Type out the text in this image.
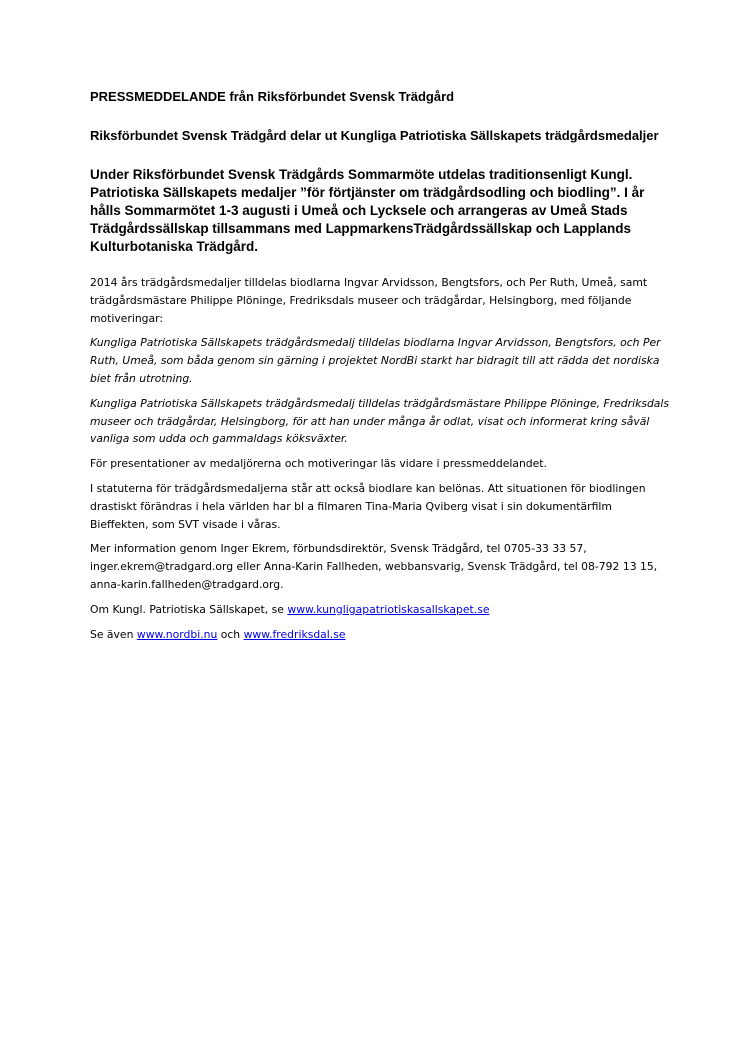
PRESSMEDDELANDE från Riksförbundet Svensk Trädgård
Riksförbundet Svensk Trädgård delar ut Kungliga Patriotiska Sällskapets trädgårdsmedaljer
Under Riksförbundet Svensk Trädgårds Sommarmöte utdelas traditionsenligt Kungl. Patriotiska Sällskapets medaljer ”för förtjänster om trädgårdsodling och biodling”. I år hålls Sommarmötet 1-3 augusti i Umeå och Lycksele och arrangeras av Umeå Stads Trädgårdssällskap tillsammans med LappmarkensTrädgårdssällskap och Lapplands Kulturbotaniska Trädgård.
2014 års trädgårdsmedaljer tilldelas biodlarna Ingvar Arvidsson, Bengtsfors, och Per Ruth, Umeå, samt trädgårdsmästare Philippe Plöninge, Fredriksdals museer och trädgårdar, Helsingborg, med följande motiveringar:
Kungliga Patriotiska Sällskapets trädgårdsmedalj tilldelas biodlarna Ingvar Arvidsson, Bengtsfors, och Per Ruth, Umeå, som båda genom sin gärning i projektet NordBi starkt har bidragit till att rädda det nordiska biet från utrotning.
Kungliga Patriotiska Sällskapets trädgårdsmedalj tilldelas trädgårdsmästare Philippe Plöninge, Fredriksdals museer och trädgårdar, Helsingborg, för att han under många år odlat, visat och informerat kring såväl vanliga som udda och gammaldags köksväxter.
För presentationer av medaljörerna och motiveringar läs vidare i pressmeddelandet.
I statuterna för trädgårdsmedaljerna står att också biodlare kan belönas. Att situationen för biodlingen drastiskt förändras i hela världen har bl a filmaren Tina-Maria Qviberg visat i sin dokumentärfilm Bieffekten, som SVT visade i våras.
Mer information genom Inger Ekrem, förbundsdirektör, Svensk Trädgård, tel 0705-33 33 57, inger.ekrem@tradgard.org eller Anna-Karin Fallheden, webbansvarig, Svensk Trädgård, tel 08-792 13 15, anna-karin.fallheden@tradgard.org.
Om Kungl. Patriotiska Sällskapet, se www.kungligapatriotiskasallskapet.se
Se även www.nordbi.nu och www.fredriksdal.se
